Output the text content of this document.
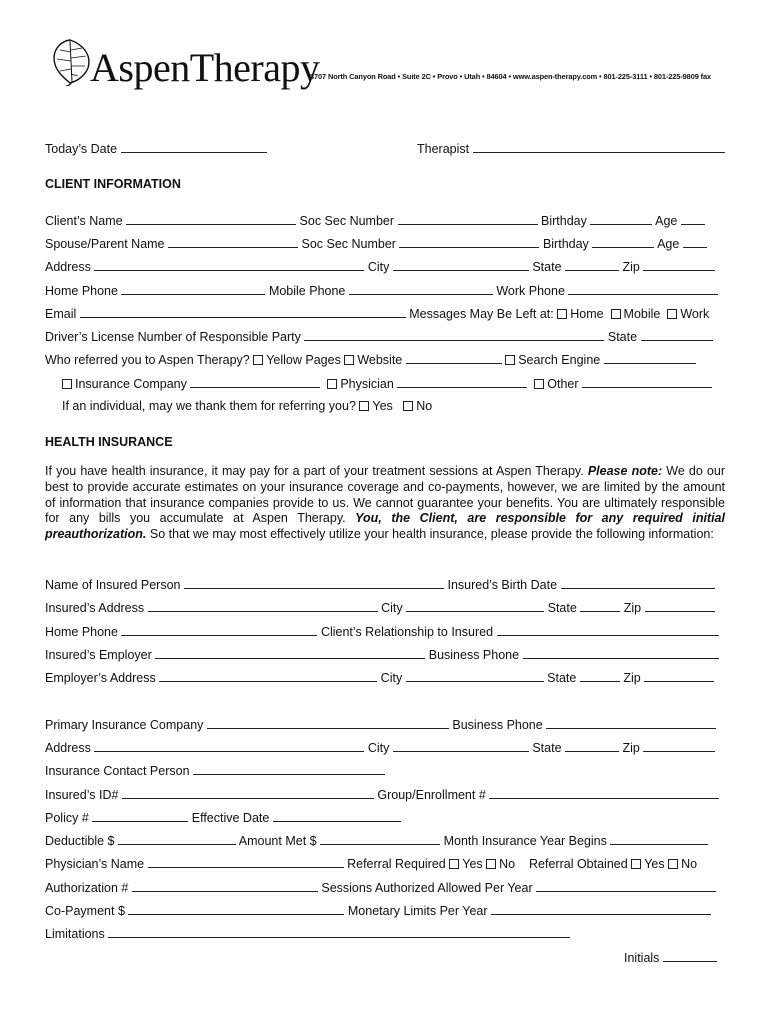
AspenTherapy
3707 North Canyon Road • Suite 2C • Provo • Utah • 84604 • www.aspen-therapy.com • 801-225-3111 • 801-225-9809 fax
Today’s Date	Therapist
CLIENT INFORMATION
Client’s Name	Soc Sec Number	Birthday	Age
Spouse/Parent Name	Soc Sec Number	Birthday	Age
Address	City	State	Zip
Home Phone	Mobile Phone	Work Phone
Email	Messages May Be Left at: Home Mobile Work
Driver’s License Number of Responsible Party	State
Who referred you to Aspen Therapy? Yellow Pages Website	Search Engine
Insurance Company	Physician	Other
If an individual, may we thank them for referring you? Yes No
HEALTH INSURANCE
If you have health insurance, it may pay for a part of your treatment sessions at Aspen Therapy. Please note: We do our best to provide accurate estimates on your insurance coverage and co-payments, however, we are limited by the amount of information that insurance companies provide to us. We cannot guarantee your benefits. You are ultimately responsible for any bills you accumulate at Aspen Therapy. You, the Client, are responsible for any required initial preauthorization. So that we may most effectively utilize your health insurance, please provide the following information:
Name of Insured Person	Insured’s Birth Date
Insured’s Address	City	State	Zip
Home Phone	Client’s Relationship to Insured
Insured’s Employer	Business Phone
Employer’s Address	City	State	Zip
Primary Insurance Company	Business Phone
Address	City	State	Zip
Insurance Contact Person
Insured’s ID#	Group/Enrollment #
Policy #	Effective Date
Deductible $	Amount Met $	Month Insurance Year Begins
Physician’s Name	Referral Required Yes No Referral Obtained Yes No
Authorization #	Sessions Authorized Allowed Per Year
Co-Payment $	Monetary Limits Per Year
Limitations
Initials
